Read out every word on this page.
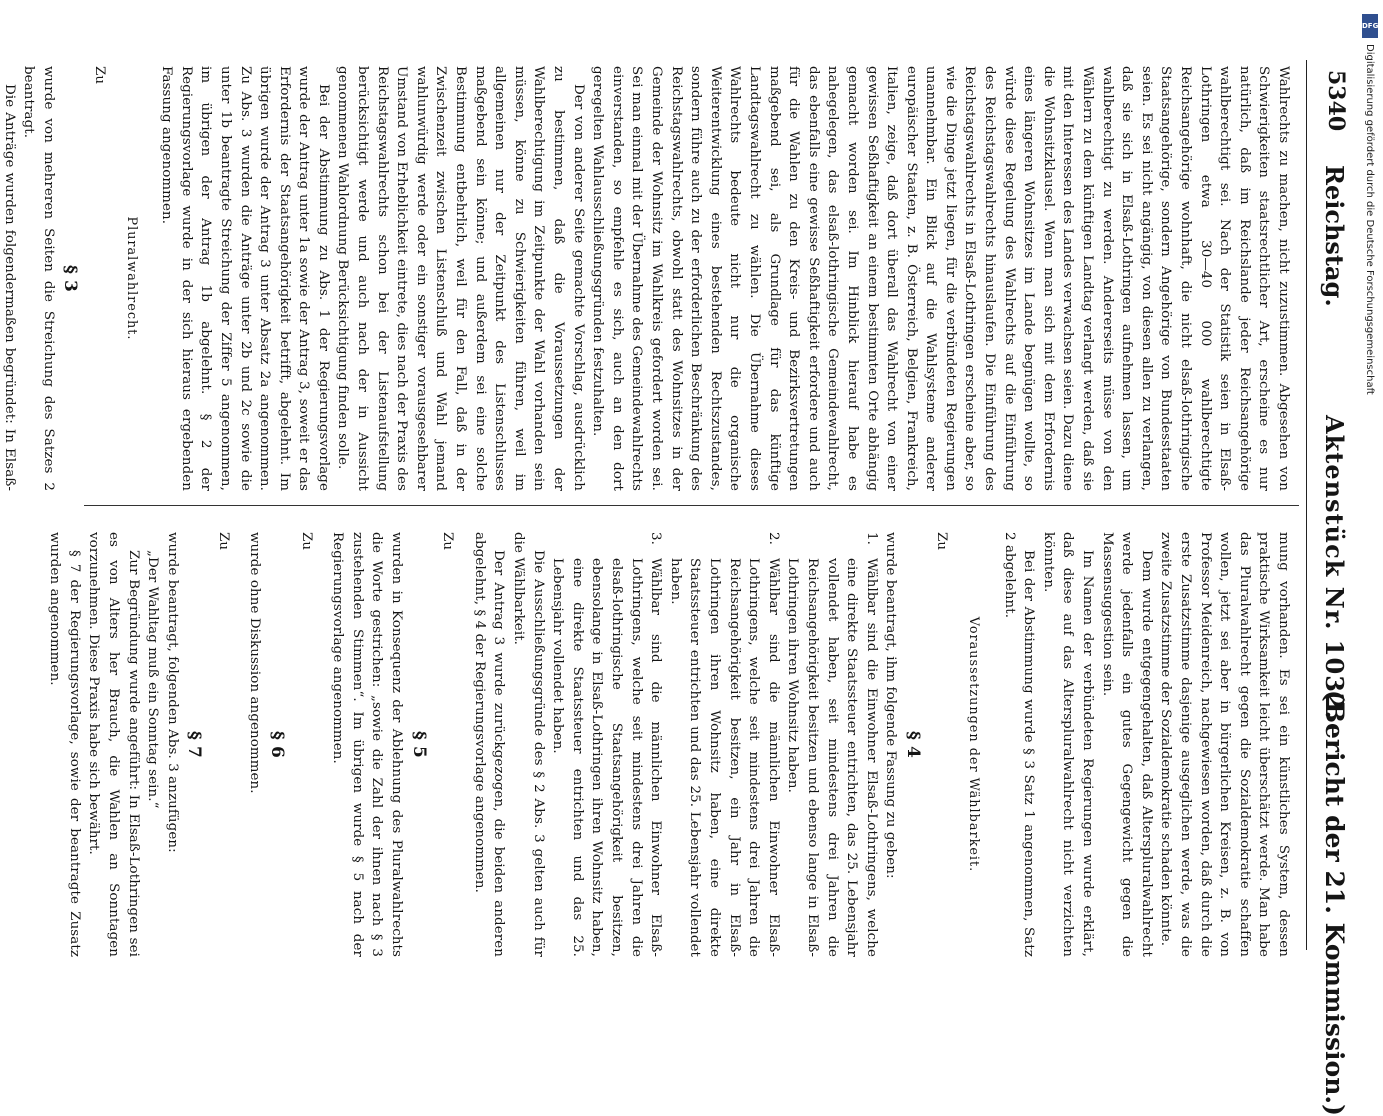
5340
Reichstag.
Aktenstück Nr. 1032.
(Bericht der 21. Kommission.)

Wahlrechts zu machen, nicht zuzustimmen. Abgesehen von Schwierigkeiten staatsrechtlicher Art, erscheine es nur natürlich, daß im Reichslande jeder Reichsangehörige wahlberechtigt sei. Nach der Statistik seien in Elsaß-Lothringen etwa 30—40 000 wahlberechtigte Reichsangehörige wohnhaft, die nicht elsaß-lothringische Staatsangehörige, sondern Angehörige von Bundesstaaten seien. Es sei nicht angängig, von diesen allen zu verlangen, daß sie sich in Elsaß-Lothringen aufnehmen lassen, um wahlberechtigt zu werden. Andererseits müsse von den Wählern zu dem künftigen Landtag verlangt werden, daß sie mit den Interessen des Landes verwachsen seien. Dazu diene die Wohnsitzklausel. Wenn man sich mit dem Erfordernis eines längeren Wohnsitzes im Lande begnügen wollte, so würde diese Regelung des Wahlrechts auf die Einführung des Reichstagswahlrechts hinauslaufen. Die Einführung des Reichstagswahlrechts in Elsaß-Lothringen erscheine aber, so wie die Dinge jetzt liegen, für die verbündeten Regierungen unannehmbar. Ein Blick auf die Wahlsysteme anderer europäischer Staaten, z. B. Österreich, Belgien, Frankreich, Italien, zeige, daß dort überall das Wahlrecht von einer gewissen Seßhaftigkeit an einem bestimmten Orte abhängig gemacht worden sei. Im Hinblick hierauf habe es nahegelegen, das elsaß-lothringische Gemeindewahlrecht, das ebenfalls eine gewisse Seßhaftigkeit erfordere und auch für die Wahlen zu den Kreis- und Bezirksvertretungen maßgebend sei, als Grundlage für das künftige Landtagswahlrecht zu wählen. Die Übernahme dieses Wahlrechts bedeute nicht nur die organische Weiterentwicklung eines bestehenden Rechtszustandes, sondern führe auch zu der erforderlichen Beschränkung des Reichstagswahlrechts, obwohl statt des Wohnsitzes in der Gemeinde der Wohnsitz im Wahlkreis gefordert worden sei. Sei man einmal mit der Übernahme des Gemeindewahlrechts einverstanden, so empfehle es sich, auch an den dort geregelten Wahlausschließungsgründen festzuhalten.

Der von anderer Seite gemachte Vorschlag, ausdrücklich zu bestimmen, daß die Voraussetzungen der Wahlberechtigung im Zeitpunkte der Wahl vorhanden sein müssen, könne zu Schwierigkeiten führen, weil im allgemeinen nur der Zeitpunkt des Listenschlusses maßgebend sein könne; und außerdem sei eine solche Bestimmung entbehrlich, weil für den Fall, daß in der Zwischenzeit zwischen Listenschluß und Wahl jemand wahlunwürdig werde oder ein sonstiger vorausgesehbarer Umstand von Erheblichkeit eintrete, dies nach der Praxis des Reichstagswahlrechts schon bei der Listenaufstellung berücksichtigt werde und auch nach der in Aussicht genommenen Wahlordnung Berücksichtigung finden solle.

Bei der Abstimmung zu Abs. 1 der Regierungsvorlage wurde der Antrag unter 1a sowie der Antrag 3, soweit er das Erfordernis der Staatsangehörigkeit betrifft, abgelehnt. Im übrigen wurde der Antrag 3 unter Absatz 2a angenommen. Zu Abs. 3 wurden die Anträge unter 2b und 2c sowie die unter 1b beantragte Streichung der Ziffer 5 angenommen, im übrigen der Antrag 1b abgelehnt. § 2 der Regierungsvorlage wurde in der sich hieraus ergebenden Fassung angenommen.

Pluralwahlrecht.

Zu

§ 3

wurde von mehreren Seiten die Streichung des Satzes 2 beantragt.

Die Anträge wurden folgendermaßen begründet: In Elsaß-

mung vorhanden. Es sei ein künstliches System, dessen praktische Wirksamkeit leicht überschätzt werde. Man habe das Pluralwahlrecht gegen die Sozialdemokratie schaffen wollen, jetzt sei aber in bürgerlichen Kreisen, z. B. von Professor Meidenreich, nachgewiesen worden, daß durch die erste Zusatzstimme dasjenige ausgeglichen werde, was die zweite Zusatzstimme der Sozialdemokratie schaden könnte.

Dem wurde entgegengehalten, daß Alterspluralwahlrecht werde jedenfalls ein gutes Gegengewicht gegen die Massensuggestion sein.

Im Namen der verbündeten Regierungen wurde erklärt, daß diese auf das Alterspluralwahlrecht nicht verzichten könnten.

Bei der Abstimmung wurde § 3 Satz 1 angenommen, Satz 2 abgelehnt.

Voraussetzungen der Wählbarkeit.

Zu

§ 4

wurde beantragt, ihm folgende Fassung zu geben:

1.
Wählbar sind die Einwohner Elsaß-Lothringens, welche eine direkte Staatssteuer entrichten, das 25. Lebensjahr vollendet haben, seit mindestens drei Jahren die Reichsangehörigkeit besitzen und ebenso lange in Elsaß-Lothringen ihren Wohnsitz haben.
2.
Wählbar sind die männlichen Einwohner Elsaß-Lothringens, welche seit mindestens drei Jahren die Reichsangehörigkeit besitzen, ein Jahr in Elsaß-Lothringen ihren Wohnsitz haben, eine direkte Staatssteuer entrichten und das 25. Lebensjahr vollendet haben.
3.
Wählbar sind die männlichen Einwohner Elsaß-Lothringens, welche seit mindestens drei Jahren die elsaß-lothringische Staatsangehörigkeit besitzen, ebensolange in Elsaß-Lothringen ihren Wohnsitz haben, eine direkte Staatssteuer entrichten und das 25. Lebensjahr vollendet haben.

Die Ausschließungsgründe des § 2 Abs. 3 gelten auch für die Wählbarkeit.

Der Antrag 3 wurde zurückgezogen, die beiden anderen abgelehnt, § 4 der Regierungsvorlage angenommen.

Zu

§ 5

wurden in Konsequenz der Ablehnung des Pluralwahlrechts die Worte gestrichen: „sowie die Zahl der ihnen nach § 3 zustehenden Stimmen“. Im übrigen wurde § 5 nach der Regierungsvorlage angenommen.

Zu

§ 6

wurde ohne Diskussion angenommen.

Zu

§ 7

wurde beantragt, folgenden Abs. 3 anzufügen:

„Der Wahltag muß ein Sonntag sein.“

Zur Begründung wurde angeführt: In Elsaß-Lothringen sei es von Alters her Brauch, die Wahlen an Sonntagen vorzunehmen. Diese Praxis habe sich bewährt.

§ 7 der Regierungsvorlage, sowie der beantragte Zusatz wurden angenommen.

DFG
Digitalisierung gefördert durch die Deutsche Forschungsgemeinschaft
